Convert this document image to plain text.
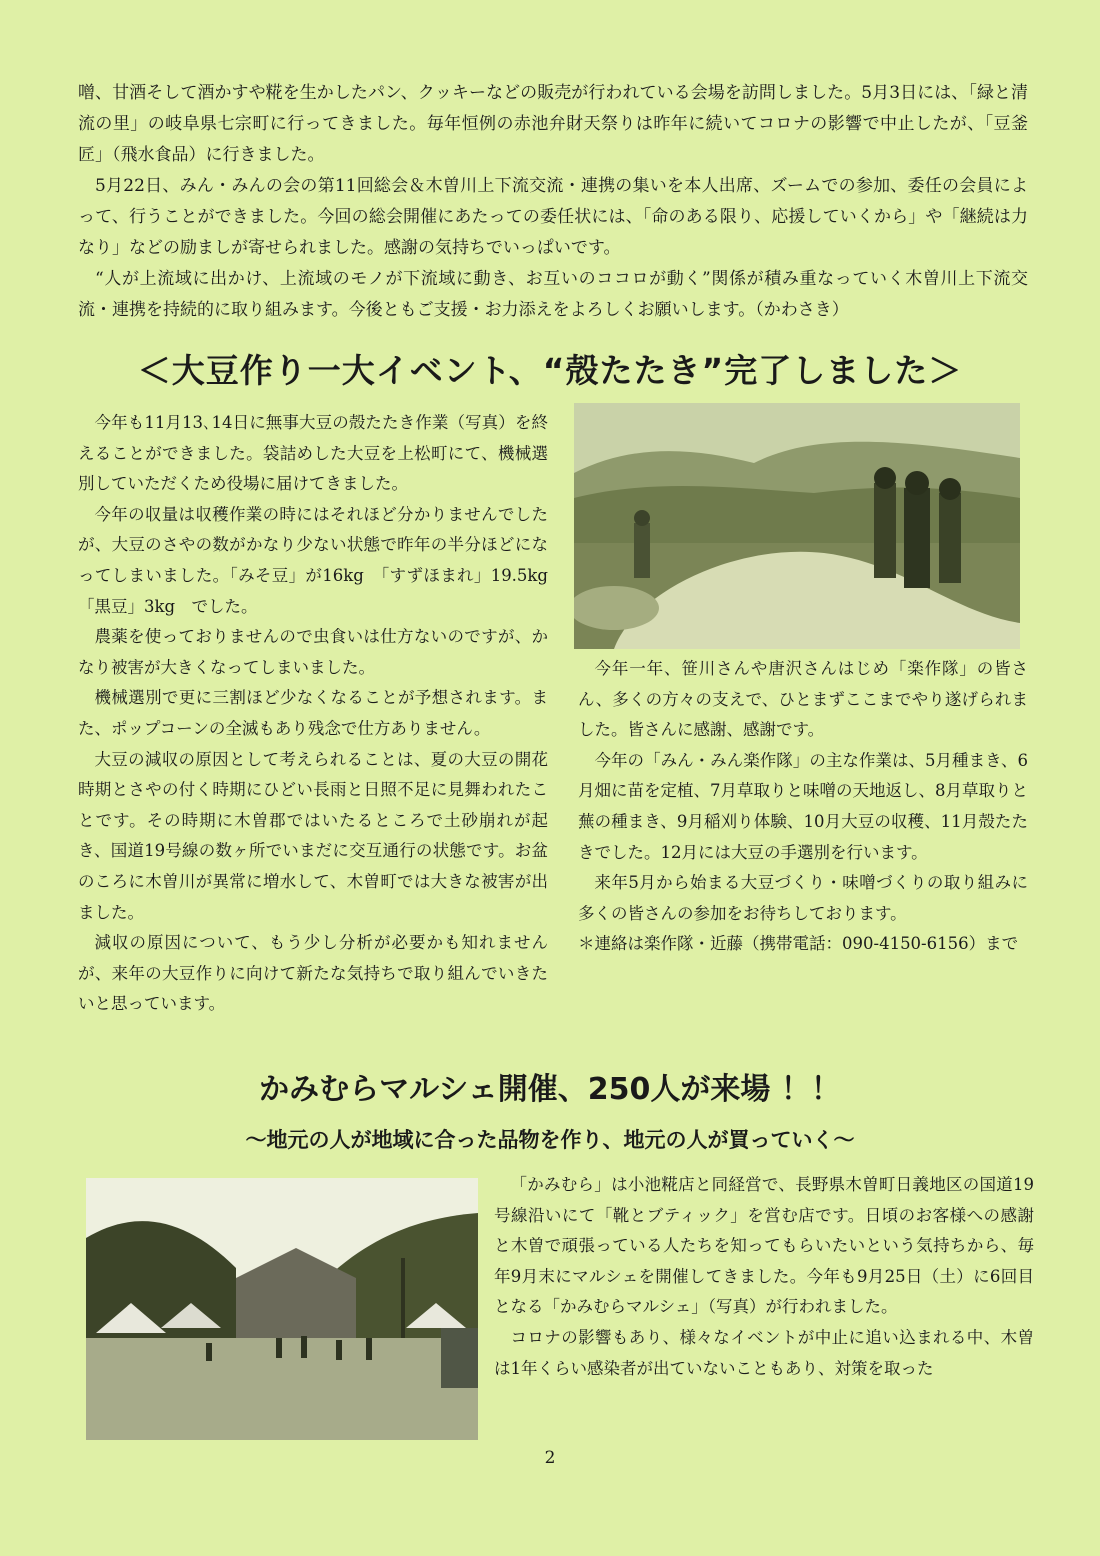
噌、甘酒そして酒かすや糀を生かしたパン、クッキーなどの販売が行われている会場を訪問しました。5月3日には、「緑と清流の里」の岐阜県七宗町に行ってきました。毎年恒例の赤池弁財天祭りは昨年に続いてコロナの影響で中止したが、「豆釜匠」（飛水食品）に行きました。

5月22日、みん・みんの会の第11回総会＆木曽川上下流交流・連携の集いを本人出席、ズームでの参加、委任の会員によって、行うことができました。今回の総会開催にあたっての委任状には、「命のある限り、応援していくから」や「継続は力なり」などの励ましが寄せられました。感謝の気持ちでいっぱいです。

“人が上流域に出かけ、上流域のモノが下流域に動き、お互いのココロが動く”関係が積み重なっていく木曽川上下流交流・連携を持続的に取り組みます。今後ともご支援・お力添えをよろしくお願いします。（かわさき）

＜大豆作り一大イベント、“殻たたき”完了しました＞

今年も11月13､14日に無事大豆の殻たたき作業（写真）を終えることができました。袋詰めした大豆を上松町にて、機械選別していただくため役場に届けてきました。

今年の収量は収穫作業の時にはそれほど分かりませんでしたが、大豆のさやの数がかなり少ない状態で昨年の半分ほどになってしまいました。「みそ豆」が16kg　「すずほまれ」19.5kg　「黒豆」3kg　でした。

農薬を使っておりませんので虫食いは仕方ないのですが、かなり被害が大きくなってしまいました。

機械選別で更に三割ほど少なくなることが予想されます。また、ポップコーンの全滅もあり残念で仕方ありません。

大豆の減収の原因として考えられることは、夏の大豆の開花時期とさやの付く時期にひどい長雨と日照不足に見舞われたことです。その時期に木曽郡ではいたるところで土砂崩れが起き、国道19号線の数ヶ所でいまだに交互通行の状態です。お盆のころに木曽川が異常に増水して、木曽町では大きな被害が出ました。

減収の原因について、もう少し分析が必要かも知れませんが、来年の大豆作りに向けて新たな気持ちで取り組んでいきたいと思っています。

今年一年、笹川さんや唐沢さんはじめ「楽作隊」の皆さん、多くの方々の支えで、ひとまずここまでやり遂げられました。皆さんに感謝、感謝です。

今年の「みん・みん楽作隊」の主な作業は、5月種まき、6月畑に苗を定植、7月草取りと味噌の天地返し、8月草取りと蕪の種まき、9月稲刈り体験、10月大豆の収穫、11月殻たたきでした。12月には大豆の手選別を行います。

来年5月から始まる大豆づくり・味噌づくりの取り組みに多くの皆さんの参加をお待ちしております。

＊連絡は楽作隊・近藤（携帯電話：090-4150-6156）まで

かみむらマルシェ開催、250人が来場 ！！
～地元の人が地域に合った品物を作り、地元の人が買っていく～

「かみむら」は小池糀店と同経営で、長野県木曽町日義地区の国道19号線沿いにて「靴とブティック」を営む店です。日頃のお客様への感謝と木曽で頑張っている人たちを知ってもらいたいという気持ちから、毎年9月末にマルシェを開催してきました。今年も9月25日（土）に6回目となる「かみむらマルシェ」（写真）が行われました。

コロナの影響もあり、様々なイベントが中止に追い込まれる中、木曽は1年くらい感染者が出ていないこともあり、対策を取った

2
